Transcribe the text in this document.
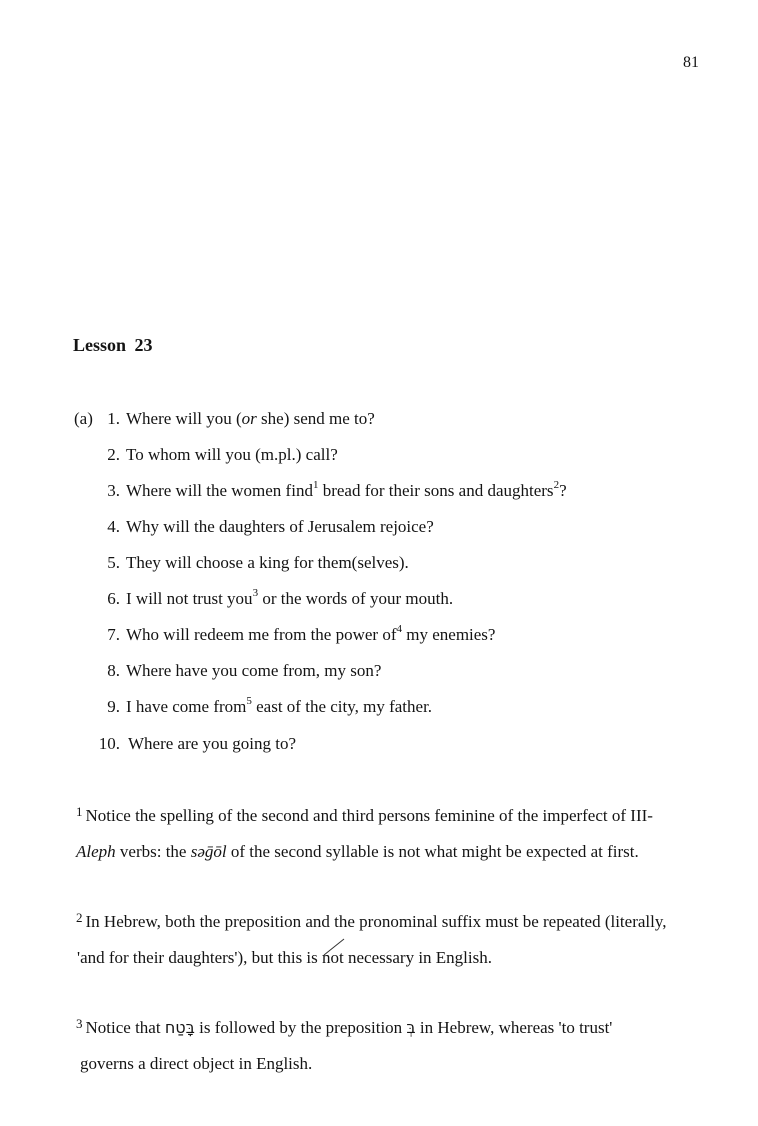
81
Lesson 23
(a) 1. Where will you (or she) send me to?
2. To whom will you (m.pl.) call?
3. Where will the women find$^1$ bread for their sons and daughters$^2$?
4. Why will the daughters of Jerusalem rejoice?
5. They will choose a king for them(selves).
6. I will not trust you$^3$ or the words of your mouth.
7. Who will redeem me from the power $of^4$ my enemies?
8. Where have you come from, my son?
9. I have come from$^5$ east of the city, my father.
10. Where are you going to?
$^1$ Notice the spelling of the second and third persons feminine of the imperfect of III-
Aleph verbs: the səḡōl of the second syllable is not what might be expected at first.
$^2$ In Hebrew, both the preposition and the pronominal suffix must be repeated (literally,
'and for their daughters'), but this is not necessary in English.
$^3$ Notice that בָּטַח is followed by the preposition בְּ in Hebrew, whereas 'to trust'
governs a direct object in English.
